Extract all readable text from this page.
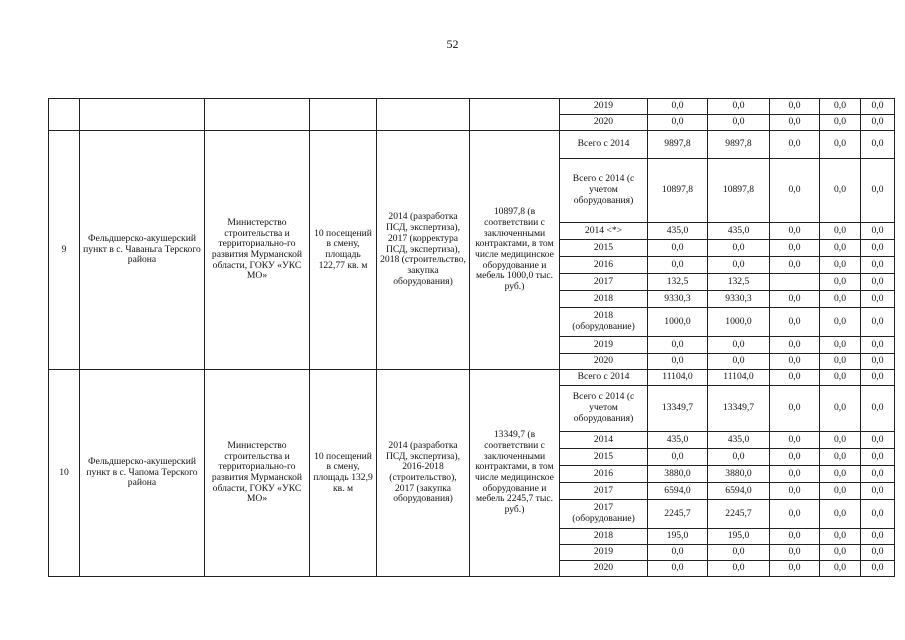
52
						2019	0,0	0,0	0,0	0,0	0,0
						2020	0,0	0,0	0,0	0,0	0,0
9	Фельдшерско-акушерский пункт в с. Чаваньга Терского района	Министерство строительства и территориально-го развития Мурманской области, ГОКУ «УКС МО»	10 посещений в смену, площадь 122,77 кв. м	2014 (разработка ПСД, экспертиза), 2017 (корректура ПСД, экспертиза), 2018 (строительство, закупка оборудования)	10897,8 (в соответствии с заключенными контрактами, в том числе медицинское оборудование и мебель 1000,0 тыс. руб.)	Всего с 2014	9897,8	9897,8	0,0	0,0	0,0
						Всего с 2014 (с учетом оборудования)	10897,8	10897,8	0,0	0,0	0,0
						2014 <*>	435,0	435,0	0,0	0,0	0,0
						2015	0,0	0,0	0,0	0,0	0,0
						2016	0,0	0,0	0,0	0,0	0,0
						2017	132,5	132,5		0,0	0,0
						2018	9330,3	9330,3	0,0	0,0	0,0
						2018 (оборудование)	1000,0	1000,0	0,0	0,0	0,0
						2019	0,0	0,0	0,0	0,0	0,0
						2020	0,0	0,0	0,0	0,0	0,0
10	Фельдшерско-акушерский пункт в с. Чапома Терского района	Министерство строительства и территориально-го развития Мурманской области, ГОКУ «УКС МО»	10 посещений в смену, площадь 132,9 кв. м	2014 (разработка ПСД, экспертиза), 2016-2018 (строительство), 2017 (закупка оборудования)	13349,7 (в соответствии с заключенными контрактами, в том числе медицинское оборудование и мебель 2245,7 тыс. руб.)	Всего с 2014	11104,0	11104,0	0,0	0,0	0,0
						Всего с 2014 (с учетом оборудования)	13349,7	13349,7	0,0	0,0	0,0
						2014	435,0	435,0	0,0	0,0	0,0
						2015	0,0	0,0	0,0	0,0	0,0
						2016	3880,0	3880,0	0,0	0,0	0,0
						2017	6594,0	6594,0	0,0	0,0	0,0
						2017 (оборудование)	2245,7	2245,7	0,0	0,0	0,0
						2018	195,0	195,0	0,0	0,0	0,0
						2019	0,0	0,0	0,0	0,0	0,0
						2020	0,0	0,0	0,0	0,0	0,0
